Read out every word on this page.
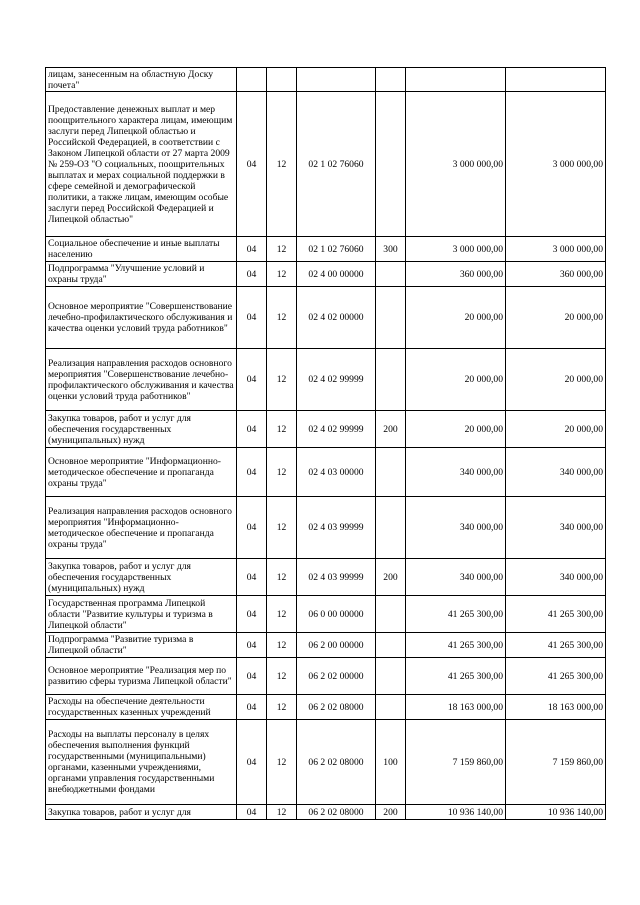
лицам, занесенным на областную Доску почета"						
Предоставление денежных выплат и мер поощрительного характера лицам, имеющим заслуги перед Липецкой областью и Российской Федерацией, в соответствии с Законом Липецкой области от 27 марта 2009 № 259-ОЗ "О социальных, поощрительных выплатах и мерах социальной поддержки в сфере семейной и демографической политики, а также лицам, имеющим особые заслуги перед Российской Федерацией и Липецкой областью"	04	12	02 1 02 76060		3 000 000,00	3 000 000,00
Социальное обеспечение и иные выплаты населению	04	12	02 1 02 76060	300	3 000 000,00	3 000 000,00
Подпрограмма "Улучшение условий и охраны труда"	04	12	02 4 00 00000		360 000,00	360 000,00
Основное мероприятие "Совершенствование лечебно-профилактического обслуживания и качества оценки условий труда работников"	04	12	02 4 02 00000		20 000,00	20 000,00
Реализация направления расходов основного мероприятия "Совершенствование лечебно-профилактического обслуживания и качества оценки условий труда работников"	04	12	02 4 02 99999		20 000,00	20 000,00
Закупка товаров, работ и услуг для обеспечения государственных (муниципальных) нужд	04	12	02 4 02 99999	200	20 000,00	20 000,00
Основное мероприятие "Информационно-методическое обеспечение и пропаганда охраны труда"	04	12	02 4 03 00000		340 000,00	340 000,00
Реализация направления расходов основного мероприятия "Информационно-методическое обеспечение и пропаганда охраны труда"	04	12	02 4 03 99999		340 000,00	340 000,00
Закупка товаров, работ и услуг для обеспечения государственных (муниципальных) нужд	04	12	02 4 03 99999	200	340 000,00	340 000,00
Государственная программа Липецкой области "Развитие культуры и туризма в Липецкой области"	04	12	06 0 00 00000		41 265 300,00	41 265 300,00
Подпрограмма "Развитие туризма в Липецкой области"	04	12	06 2 00 00000		41 265 300,00	41 265 300,00
Основное мероприятие "Реализация мер по развитию сферы туризма Липецкой области"	04	12	06 2 02 00000		41 265 300,00	41 265 300,00
Расходы на обеспечение деятельности государственных казенных учреждений	04	12	06 2 02 08000		18 163 000,00	18 163 000,00
Расходы на выплаты персоналу в целях обеспечения выполнения функций государственными (муниципальными) органами, казенными учреждениями, органами управления государственными внебюджетными фондами	04	12	06 2 02 08000	100	7 159 860,00	7 159 860,00
Закупка товаров, работ и услуг для	04	12	06 2 02 08000	200	10 936 140,00	10 936 140,00
